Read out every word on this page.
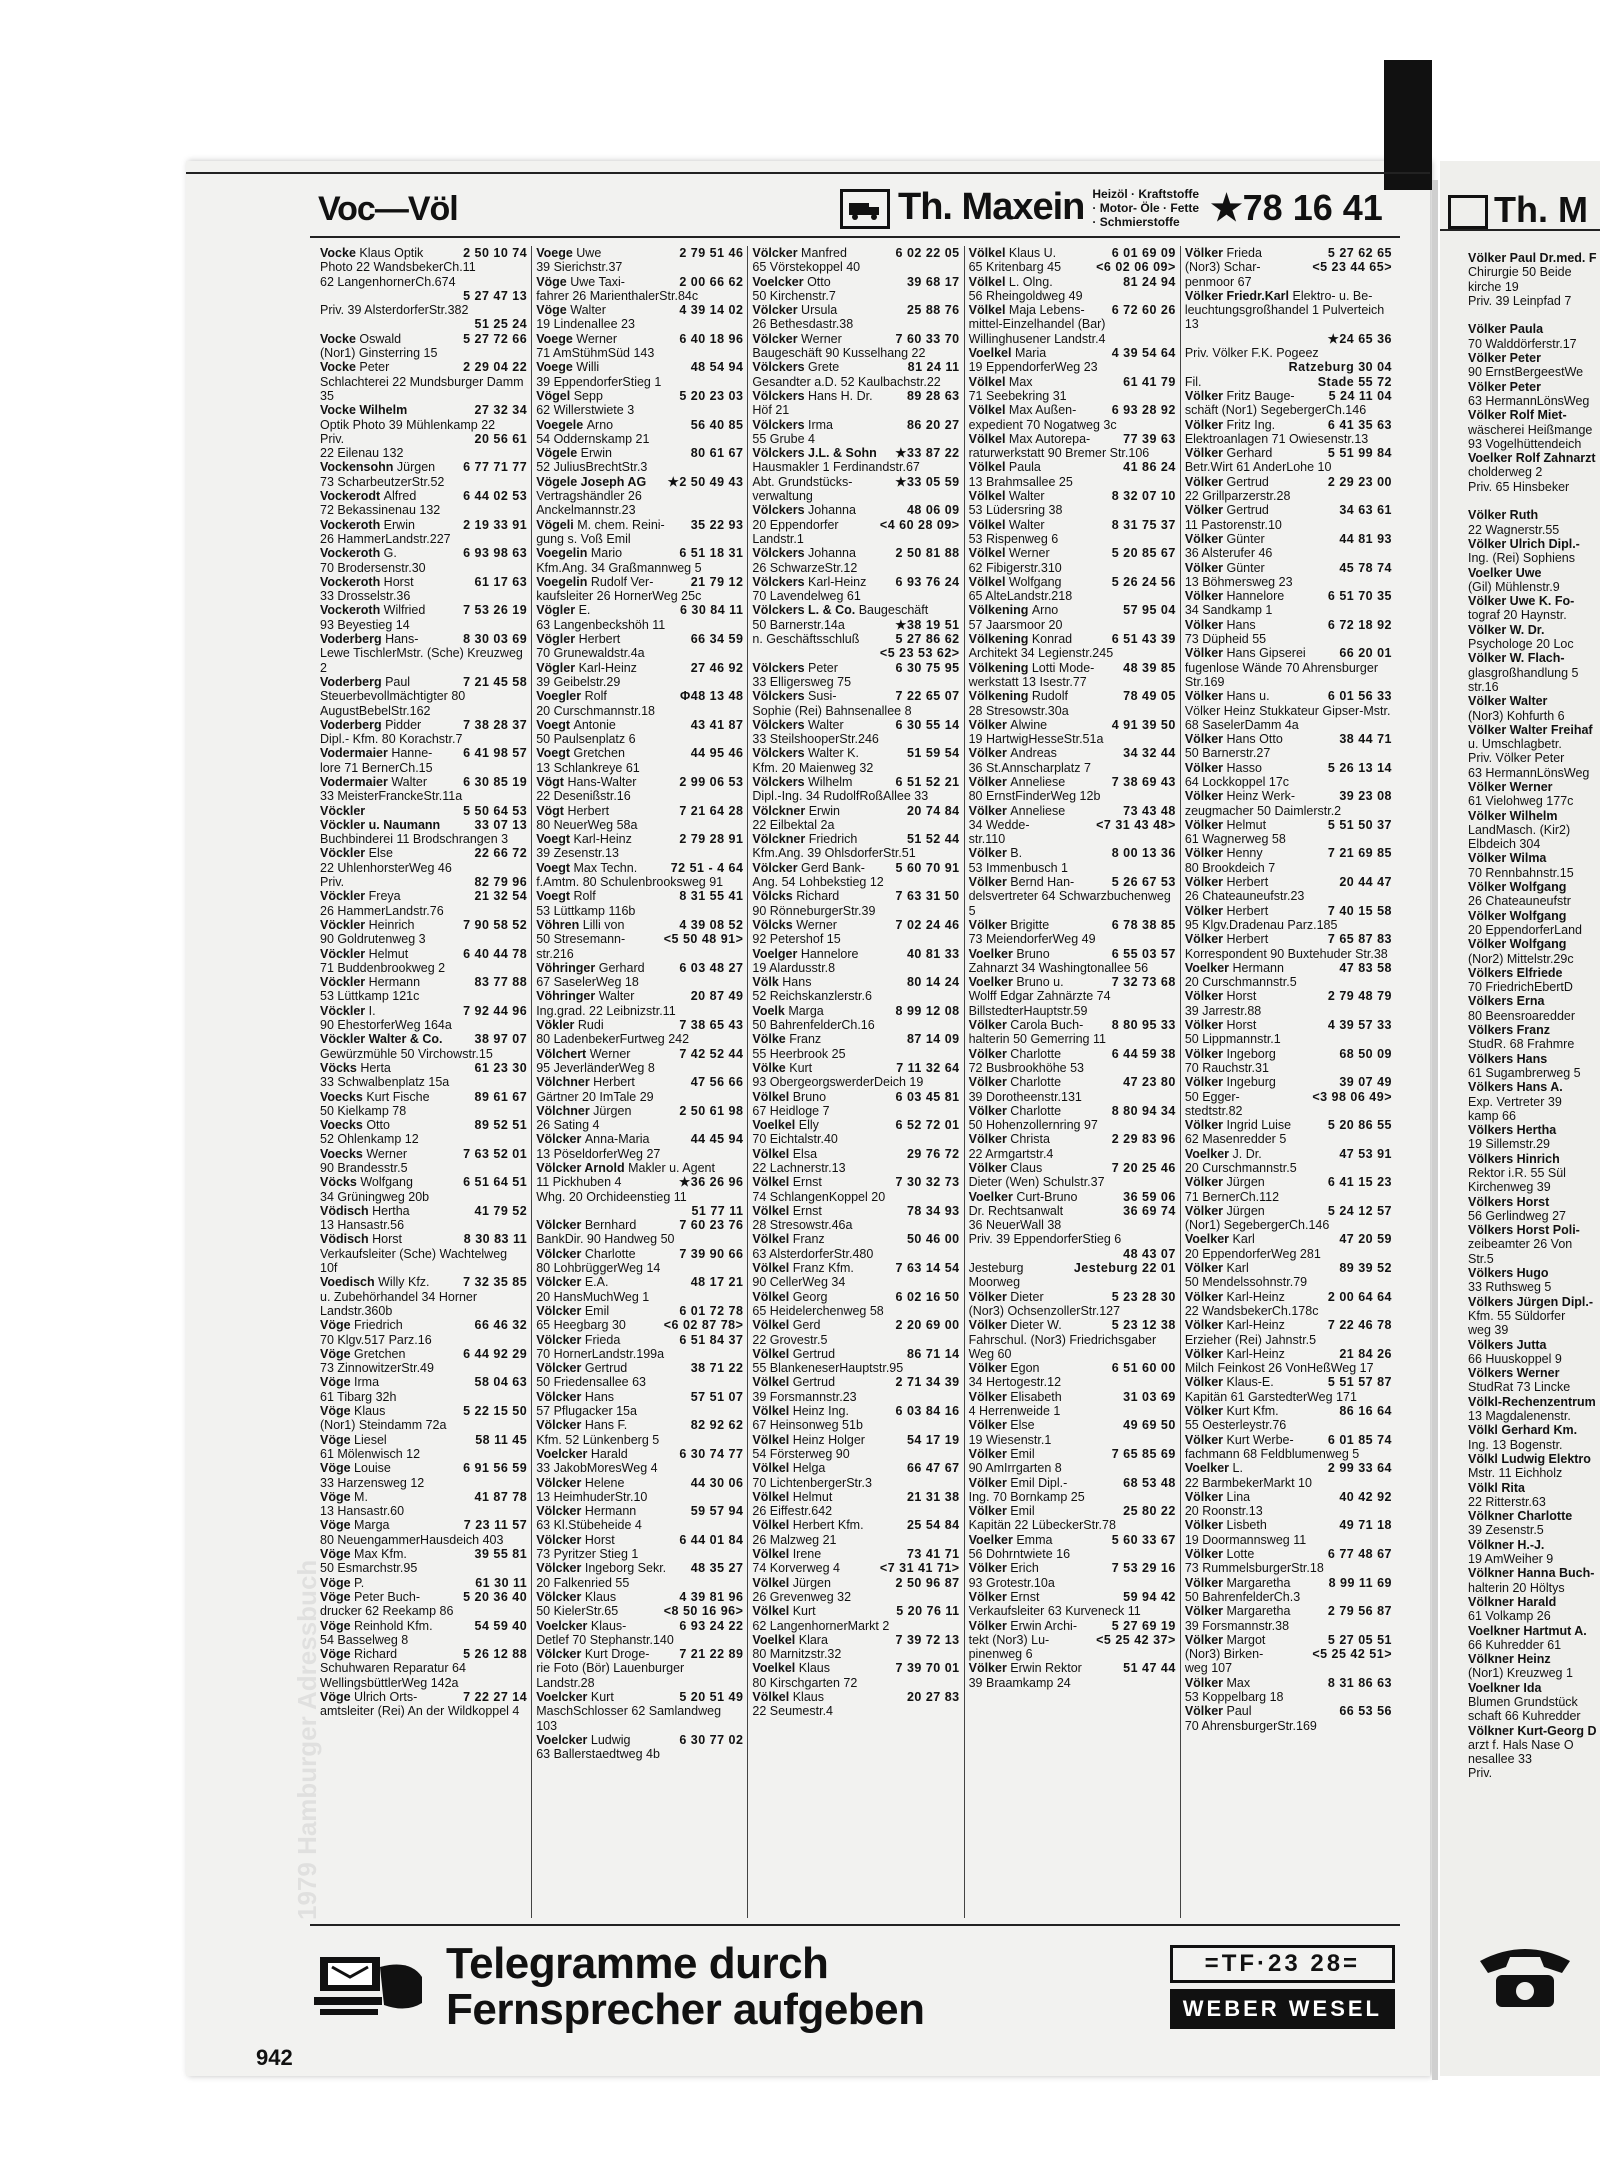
Voc—Völ	Th. Maxein Heizöl · Kraftstoffe · Motor- Öle · Fette · Schmierstoffe ★78 16 41
1979 Hamburger Adressbuch
Vocke Klaus Optik	2 50 10 74
Photo 22 WandsbekerCh.11
62 LangenhornerCh.674
5 27 47 13
Priv. 39 AlsterdorferStr.382
51 25 24
Vocke Oswald	5 27 72 66
(Nor1) Ginsterring 15
Vocke Peter	2 29 04 22
Schlachterei 22 Mundsburger Damm 35
Vocke Wilhelm	27 32 34
Optik Photo 39 Mühlenkamp 22
Priv.	20 56 61
22 Eilenau 132
Vockensohn Jürgen 6 77 71 77
73 ScharbeutzerStr.52
Vockerodt Alfred	6 44 02 53
72 Bekassinenau 132
Vockeroth Erwin	2 19 33 91
26 HammerLandstr.227
Vockeroth G.	6 93 98 63
70 Brodersenstr.30
Vockeroth Horst	61 17 63
33 Drosselstr.36
Vockeroth Wilfried	7 53 26 19
93 Beyestieg 14
Voderberg Hans-	8 30 03 69
Lewe TischlerMstr. (Sche) Kreuzweg 2
Voderberg Paul	7 21 45 58
Steuerbevollmächtigter 80 AugustBebelStr.162
Voderberg Pidder	7 38 28 37
Dipl.- Kfm. 80 Korachstr.7
Vodermaier Hanne- 6 41 98 57
lore 71 BernerCh.15
Vodermaier Walter	6 30 85 19
33 MeisterFranckeStr.11a
Vöckler	5 50 64 53
Vöckler u. Naumann	33 07 13
Buchbinderei 11 Brodschrangen 3
Vöckler Else	22 66 72
22 UhlenhorsterWeg 46
Priv.	82 79 96
Vöckler Freya	21 32 54
26 HammerLandstr.76
Vöckler Heinrich	7 90 58 52
90 Goldrutenweg 3
Vöckler Helmut	6 40 44 78
71 Buddenbrookweg 2
Vöckler Hermann	83 77 88
53 Lüttkamp 121c
Vöckler I.	7 92 44 96
90 EhestorferWeg 164a
Vöckler Walter & Co.	38 97 07
Gewürzmühle 50 Virchowstr.15
Vöcks Herta	61 23 30
33 Schwalbenplatz 15a
Voecks Kurt Fische	89 61 67
50 Kielkamp 78
Voecks Otto	89 52 51
52 Ohlenkamp 12
Voecks Werner	7 63 52 01
90 Brandesstr.5
Vöcks Wolfgang	6 51 64 51
34 Grüningweg 20b
Vödisch Hertha	41 79 52
13 Hansastr.56
Vödisch Horst	8 30 83 11
Verkaufsleiter (Sche) Wachtelweg 10f
Voedisch Willy Kfz.	7 32 35 85
u. Zubehörhandel 34 Horner Landstr.360b
Vöge Friedrich	66 46 32
70 Klgv.517 Parz.16
Vöge Gretchen	6 44 92 29
73 ZinnowitzerStr.49
Vöge Irma	58 04 63
61 Tibarg 32h
Vöge Klaus	5 22 15 50
(Nor1) Steindamm 72a
Vöge Liesel	58 11 45
61 Mölenwisch 12
Vöge Louise	6 91 56 59
33 Harzensweg 12
Vöge M.	41 87 78
13 Hansastr.60
Vöge Marga	7 23 11 57
80 NeuengammerHausdeich 403
Vöge Max Kfm.	39 55 81
50 Esmarchstr.95
Vöge P.	61 30 11
Vöge Peter Buch-	5 20 36 40
drucker 62 Reekamp 86
Vöge Reinhold Kfm.	54 59 40
54 Basselweg 8
Vöge Richard	5 26 12 88
Schuhwaren Reparatur 64 WellingsbüttlerWeg 142a
Vöge Ulrich Orts-	7 22 27 14
amtsleiter (Rei) An der Wildkoppel 4
Voege Uwe	2 79 51 46
39 Sierichstr.37
Vöge Uwe Taxi-	2 00 66 62
fahrer 26 MarienthalerStr.84c
Vöge Walter	4 39 14 02
19 Lindenallee 23
Voege Werner	6 40 18 96
71 AmStühmSüd 143
Voege Willi	48 54 94
39 EppendorferStieg 1
Vögel Sepp	5 20 23 03
62 Willerstwiete 3
Voegele Arno	56 40 85
54 Oddernskamp 21
Vögele Erwin	80 61 67
52 JuliusBrechtStr.3
Vögele Joseph AG ★2 50 49 43
Vertragshändler 26 Anckelmannstr.23
Vögeli M. chem. Reini- 35 22 93
gung s. Voß Emil
Voegelin Mario	6 51 18 31
Kfm.Ang. 34 Graßmannweg 5
Voegelin Rudolf Ver-	21 79 12
kaufsleiter 26 HornerWeg 25c
Vögler E.	6 30 84 11
63 Langenbeckshöh 11
Vögler Herbert	66 34 59
70 Grunewaldstr.4a
Vögler Karl-Heinz	27 46 92
39 Geibelstr.29
Voegler Rolf	Φ48 13 48
20 Curschmannstr.18
Voegt Antonie	43 41 87
50 Paulsenplatz 6
Voegt Gretchen	44 95 46
13 Schlankreye 61
Vögt Hans-Walter	2 99 06 53
22 Desenißstr.16
Vögt Herbert	7 21 64 28
80 NeuerWeg 58a
Voegt Karl-Heinz	2 79 28 91
39 Zesenstr.13
Voegt Max Techn.	72 51 - 4 64
f.Amtm. 80 Schulenbrooksweg 91
Voegt Rolf	8 31 55 41
53 Lüttkamp 116b
Vöhren Lilli von	4 39 08 52
50 Stresemann-	<5 50 48 91>
str.216
Vöhringer Gerhard	6 03 48 27
67 SaselerWeg 18
Vöhringer Walter	20 87 49
Ing.grad. 22 Leibnizstr.11
Vökler Rudi	7 38 65 43
80 LadenbekerFurtweg 242
Völchert Werner	7 42 52 44
95 JeverländerWeg 8
Völchner Herbert	47 56 66
Gärtner 20 ImTale 29
Völchner Jürgen	2 50 61 98
26 Sating 4
Völcker Anna-Maria	44 45 94
13 PöseldorferWeg 27
Völcker Arnold Makler u. Agent
11 Pickhuben 4	★36 26 96
Whg. 20 Orchideenstieg 11
51 77 11
Völcker Bernhard	7 60 23 76
BankDir. 90 Handweg 50
Völcker Charlotte	7 39 90 66
80 LohbrüggerWeg 14
Völcker E.A.	48 17 21
20 HansMuchWeg 1
Völcker Emil	6 01 72 78
65 Heegbarg 30	<6 02 87 78>
Völcker Frieda	6 51 84 37
70 HornerLandstr.199a
Völcker Gertrud	38 71 22
50 Friedensallee 63
Völcker Hans	57 51 07
57 Pflugacker 15a
Völcker Hans F.	82 92 62
Kfm. 52 Lünkenberg 5
Voelcker Harald	6 30 74 77
33 JakobMoresWeg 4
Völcker Helene	44 30 06
13 HeimhuderStr.10
Völcker Hermann	59 57 94
63 Kl.Stübeheide 4
Völcker Horst	6 44 01 84
73 Pyritzer Stieg 1
Völcker Ingeborg Sekr. 48 35 27
20 Falkenried 55
Völcker Klaus	4 39 81 96
50 KielerStr.65	<8 50 16 96>
Voelcker Klaus-	6 93 24 22
Detlef 70 Stephanstr.140
Völcker Kurt Droge- 7 21 22 89
rie Foto (Bör) Lauenburger Landstr.28
Voelcker Kurt	5 20 51 49
MaschSchlosser 62 Samlandweg 103
Voelcker Ludwig	6 30 77 02
63 Ballerstaedtweg 4b
Völcker Manfred	6 02 22 05
65 Vörstekoppel 40
Voelcker Otto	39 68 17
50 Kirchenstr.7
Völcker Ursula	25 88 76
26 Bethesdastr.38
Völcker Werner	7 60 33 70
Baugeschäft 90 Kusselhang 22
Völckers Grete	81 24 11
Gesandter a.D. 52 Kaulbachstr.22
Völckers Hans H. Dr.	89 28 63
Höf 21
Völckers Irma	86 20 27
55 Grube 4
Völckers J.L. & Sohn ★33 87 22
Hausmakler 1 Ferdinandstr.67
Abt. Grundstücks-	★33 05 59
verwaltung
Völckers Johanna	48 06 09
20 Eppendorfer	<4 60 28 09>
Landstr.1
Völckers Johanna	2 50 81 88
26 SchwarzeStr.12
Völckers Karl-Heinz 6 93 76 24
70 Lavendelweg 61
Völckers L. & Co. Baugeschäft
50 Barnerstr.14a	★38 19 51
n. Geschäftsschluß	5 27 86 62
<5 23 53 62>
Völckers Peter	6 30 75 95
33 Elligersweg 75
Völckers Susi-	7 22 65 07
Sophie (Rei) Bahnsenallee 8
Völckers Walter	6 30 55 14
33 SteilshooperStr.246
Völckers Walter K.	51 59 54
Kfm. 20 Maienweg 32
Völckers Wilhelm	6 51 52 21
Dipl.-Ing. 34 RudolfRoßAllee 33
Völckner Erwin	20 74 84
22 Eilbektal 2a
Völckner Friedrich	51 52 44
Kfm.Ang. 39 OhlsdorferStr.51
Völcker Gerd Bank- 5 60 70 91
Ang. 54 Lohbekstieg 12
Völcks Richard	7 63 31 50
90 RönneburgerStr.39
Völcks Werner	7 02 24 46
92 Petershof 15
Voelger Hannelore	40 81 33
19 Alardusstr.8
Völk Hans	80 14 24
52 Reichskanzlerstr.6
Voelk Marga	8 99 12 08
50 BahrenfelderCh.16
Völke Franz	87 14 09
55 Heerbrook 25
Völke Kurt	7 11 32 64
93 ObergeorgswerderDeich 19
Völkel Bruno	6 03 45 81
67 Heidloge 7
Voelkel Elly	6 52 72 01
70 Eichtalstr.40
Völkel Elsa	29 76 72
22 Lachnerstr.13
Völkel Ernst	7 30 32 73
74 SchlangenKoppel 20
Völkel Ernst	78 34 93
28 Stresowstr.46a
Völkel Franz	50 46 00
63 AlsterdorferStr.480
Völkel Franz Kfm.	7 63 14 54
90 CellerWeg 34
Völkel Georg	6 02 16 50
65 Heidelerchenweg 58
Völkel Gerd	2 20 69 00
22 Grovestr.5
Völkel Gertrud	86 71 14
55 BlankeneserHauptstr.95
Völkel Gertrud	2 71 34 39
39 Forsmannstr.23
Völkel Heinz Ing.	6 03 84 16
67 Heinsonweg 51b
Völkel Heinz Holger	54 17 19
54 Försterweg 90
Völkel Helga	66 47 67
70 LichtenbergerStr.3
Völkel Helmut	21 31 38
26 Eiffestr.642
Völkel Herbert Kfm.	25 54 84
26 Malzweg 21
Völkel Irene	73 41 71
74 Korverweg 4	<7 31 41 71>
Völkel Jürgen	2 50 96 87
26 Grevenweg 32
Völkel Kurt	5 20 76 11
62 LangenhornerMarkt 2
Voelkel Klara	7 39 72 13
80 Marnitzstr.32
Voelkel Klaus	7 39 70 01
80 Kirschgarten 72
Völkel Klaus	20 27 83
22 Seumestr.4
Völkel Klaus U.	6 01 69 09
65 Kritenbarg 45	<6 02 06 09>
Völkel L. Olng.	81 24 94
56 Rheingoldweg 49
Völkel Maja Lebens- 6 72 60 26
mittel-Einzelhandel (Bar) Willinghusener Landstr.4
Voelkel Maria	4 39 54 64
19 EppendorferWeg 23
Völkel Max	61 41 79
71 Seebekring 31
Völkel Max Außen-	6 93 28 92
expedient 70 Nogatweg 3c
Völkel Max Autorepa-	77 39 63
raturwerkstatt 90 Bremer Str.106
Völkel Paula	41 86 24
13 Brahmsallee 25
Völkel Walter	8 32 07 10
53 Lüdersring 38
Völkel Walter	8 31 75 37
53 Rispenweg 6
Völkel Werner	5 20 85 67
62 Fibigerstr.310
Völkel Wolfgang	5 26 24 56
65 AlteLandstr.218
Völkening Arno	57 95 04
57 Jaarsmoor 20
Völkening Konrad	6 51 43 39
Architekt 34 Legienstr.245
Völkening Lotti Mode- 48 39 85
werkstatt 13 Isestr.77
Völkening Rudolf	78 49 05
28 Stresowstr.30a
Völker Alwine	4 91 39 50
19 HartwigHesseStr.51a
Völker Andreas	34 32 44
36 St.Annscharplatz 7
Völker Anneliese	7 38 69 43
80 ErnstFinderWeg 12b
Völker Anneliese	73 43 48
34 Wedde-	<7 31 43 48>
str.110
Völker B.	8 00 13 36
53 Immenbusch 1
Völker Bernd Han-	5 26 67 53
delsvertreter 64 Schwarzbuchenweg 5
Völker Brigitte	6 78 38 85
73 MeiendorferWeg 49
Voelker Bruno	6 55 03 57
Zahnarzt 34 Washingtonallee 56
Voelker Bruno u.	7 32 73 68
Wolff Edgar Zahnärzte 74 BillstedterHauptstr.59
Völker Carola Buch- 8 80 95 33
halterin 50 Gemerring 11
Völker Charlotte	6 44 59 38
72 Busbrookhöhe 53
Völker Charlotte	47 23 80
39 Dorotheenstr.131
Völker Charlotte	8 80 94 34
50 Hohenzollernring 97
Völker Christa	2 29 83 96
22 Armgartstr.4
Völker Claus	7 20 25 46
Dieter (Wen) Schulstr.37
Voelker Curt-Bruno	36 59 06
Dr. Rechtsanwalt	36 69 74
36 NeuerWall 38
Priv. 39 EppendorferStieg 6
48 43 07
Jesteburg	Jesteburg 22 01
Moorweg
Völker Dieter	5 23 28 30
(Nor3) OchsenzollerStr.127
Völker Dieter W.	5 23 12 38
Fahrschul. (Nor3) Friedrichsgaber Weg 60
Völker Egon	6 51 60 00
34 Hertogestr.12
Völker Elisabeth	31 03 69
4 Herrenweide 1
Völker Else	49 69 50
19 Wiesenstr.1
Völker Emil	7 65 85 69
90 AmIrrgarten 8
Völker Emil Dipl.-	68 53 48
Ing. 70 Bornkamp 25
Völker Emil	25 80 22
Kapitän 22 LübeckerStr.78
Voelker Emma	5 60 33 67
56 Dohrntwiete 16
Völker Erich	7 53 29 16
93 Grotestr.10a
Völker Ernst	59 94 42
Verkaufsleiter 63 Kurveneck 11
Völker Erwin Archi-	5 27 69 19
tekt (Nor3) Lu-	<5 25 42 37>
pinenweg 6
Völker Erwin Rektor	51 47 44
39 Braamkamp 24
Völker Frieda	5 27 62 65
(Nor3) Schar-	<5 23 44 65>
penmoor 67
Völker Friedr.Karl Elektro- u. Be-
leuchtungsgroßhandel 1 Pulverteich 13
★24 65 36
Priv. Völker F.K. Pogeez
Ratzeburg 30 04
Fil.	Stade 55 72
Völker Fritz Bauge-	5 24 11 04
schäft (Nor1) SegebergerCh.146
Völker Fritz Ing.	6 41 35 63
Elektroanlagen 71 Owiesenstr.13
Völker Gerhard	5 51 99 84
Betr.Wirt 61 AnderLohe 10
Völker Gertrud	2 29 23 00
22 Grillparzerstr.28
Völker Gertrud	34 63 61
11 Pastorenstr.10
Völker Günter	44 81 93
36 Alsterufer 46
Völker Günter	45 78 74
13 Böhmersweg 23
Völker Hannelore	6 51 70 35
34 Sandkamp 1
Völker Hans	6 72 18 92
73 Düpheid 55
Völker Hans Gipserei	66 20 01
fugenlose Wände 70 Ahrensburger Str.169
Völker Hans u.	6 01 56 33
Völker Heinz Stukkateur Gipser-Mstr. 68 SaselerDamm 4a
Völker Hans Otto	38 44 71
50 Barnerstr.27
Völker Hasso	5 26 13 14
64 Lockkoppel 17c
Völker Heinz Werk-	39 23 08
zeugmacher 50 Daimlerstr.2
Völker Helmut	5 51 50 37
61 Wagnerweg 58
Völker Henny	7 21 69 85
80 Brookdeich 7
Völker Herbert	20 44 47
26 Chateauneufstr.23
Völker Herbert	7 40 15 58
95 Klgv.Dradenau Parz.185
Völker Herbert	7 65 87 83
Korrespondent 90 Buxtehuder Str.38
Voelker Hermann	47 83 58
20 Curschmannstr.5
Völker Horst	2 79 48 79
39 Jarrestr.88
Völker Horst	4 39 57 33
50 Lippmannstr.1
Völker Ingeborg	68 50 09
70 Rauchstr.31
Völker Ingeburg	39 07 49
50 Egger-	<3 98 06 49>
stedtstr.82
Völker Ingrid Luise	5 20 86 55
62 Masenredder 5
Voelker J. Dr.	47 53 91
20 Curschmannstr.5
Völker Jürgen	6 41 15 23
71 BernerCh.112
Völker Jürgen	5 24 12 57
(Nor1) SegebergerCh.146
Voelker Karl	47 20 59
20 EppendorferWeg 281
Völker Karl	89 39 52
50 Mendelssohnstr.79
Völker Karl-Heinz	2 00 64 64
22 WandsbekerCh.178c
Völker Karl-Heinz	7 22 46 78
Erzieher (Rei) Jahnstr.5
Völker Karl-Heinz	21 84 26
Milch Feinkost 26 VonHeßWeg 17
Völker Klaus-E.	5 51 57 87
Kapitän 61 GarstedterWeg 171
Völker Kurt Kfm.	86 16 64
55 Oesterleystr.76
Völker Kurt Werbe-	6 01 85 74
fachmann 68 Feldblumenweg 5
Voelker L.	2 99 33 64
22 BarmbekerMarkt 10
Völker Lina	40 42 92
20 Roonstr.13
Völker Lisbeth	49 71 18
19 Doormannsweg 11
Völker Lotte	6 77 48 67
73 RummelsburgerStr.18
Völker Margaretha	8 99 11 69
50 BahrenfelderCh.3
Völker Margaretha	2 79 56 87
39 Forsmannstr.38
Völker Margot	5 27 05 51
(Nor3) Birken-	<5 25 42 51>
weg 107
Völker Max	8 31 86 63
53 Koppelbarg 18
Völker Paul	66 53 56
70 AhrensburgerStr.169
Telegramme durch
Fernsprecher aufgeben
=TF·23 28=
WEBER WESEL
942
Th. M
Völker Paul Dr.med. F
Chirurgie 50 Beide
kirche 19
Priv. 39 Leinpfad 7

Völker Paula
70 Walddörferstr.17
Völker Peter
90 ErnstBergeestWe
Völker Peter
63 HermannLönsWeg
Völker Rolf Miet-
wäscherei Heißmange
93 Vogelhüttendeich
Voelker Rolf Zahnarzt
cholderweg 2
Priv. 65 Hinsbeker

Völker Ruth
22 Wagnerstr.55
Völker Ulrich Dipl.-
Ing. (Rei) Sophiens
Voelker Uwe
(Gil) Mühlenstr.9
Völker Uwe K. Fo-
tograf 20 Haynstr.
Völker W. Dr.
Psychologe 20 Loc
Völker W. Flach-
glasgroßhandlung 5
str.16
Völker Walter
(Nor3) Kohfurth 6
Völker Walter Freihaf
u. Umschlagbetr.
Priv. Völker Peter
63 HermannLönsWeg
Völker Werner
61 Vielohweg 177c
Völker Wilhelm
LandMasch. (Kir2)
Elbdeich 304
Völker Wilma
70 Rennbahnstr.15
Völker Wolfgang
26 Chateauneufstr
Völker Wolfgang
20 EppendorferLand
Völker Wolfgang
(Nor2) Mittelstr.29c
Völkers Elfriede
70 FriedrichEbertD
Völkers Erna
80 Beensroaredder
Völkers Franz
StudR. 68 Frahmre
Völkers Hans
61 Sugambrerweg 5
Völkers Hans A.
Exp. Vertreter 39
kamp 66
Völkers Hertha
19 Sillemstr.29
Völkers Hinrich
Rektor i.R. 55 Sül
Kirchenweg 39
Völkers Horst
56 Gerlindweg 27
Völkers Horst Poli-
zeibeamter 26 Von
Str.5
Völkers Hugo
33 Ruthsweg 5
Völkers Jürgen Dipl.-
Kfm. 55 Süldorfer
weg 39
Völkers Jutta
66 Huuskoppel 9
Völkers Werner
StudRat 73 Lincke
Völkl-Rechenzentrum
13 Magdalenenstr.
Völkl Gerhard Km.
Ing. 13 Bogenstr.
Völkl Ludwig Elektro
Mstr. 11 Eichholz
Völkl Rita
22 Ritterstr.63
Völkner Charlotte
39 Zesenstr.5
Völkner H.-J.
19 AmWeiher 9
Völkner Hanna Buch-
halterin 20 Höltys
Völkner Harald
61 Volkamp 26
Voelkner Hartmut A.
66 Kuhredder 61
Völkner Heinz
(Nor1) Kreuzweg 1
Voelkner Ida
Blumen Grundstück
schaft 66 Kuhredder
Völkner Kurt-Georg D
arzt f. Hals Nase O
nesallee 33
Priv.
